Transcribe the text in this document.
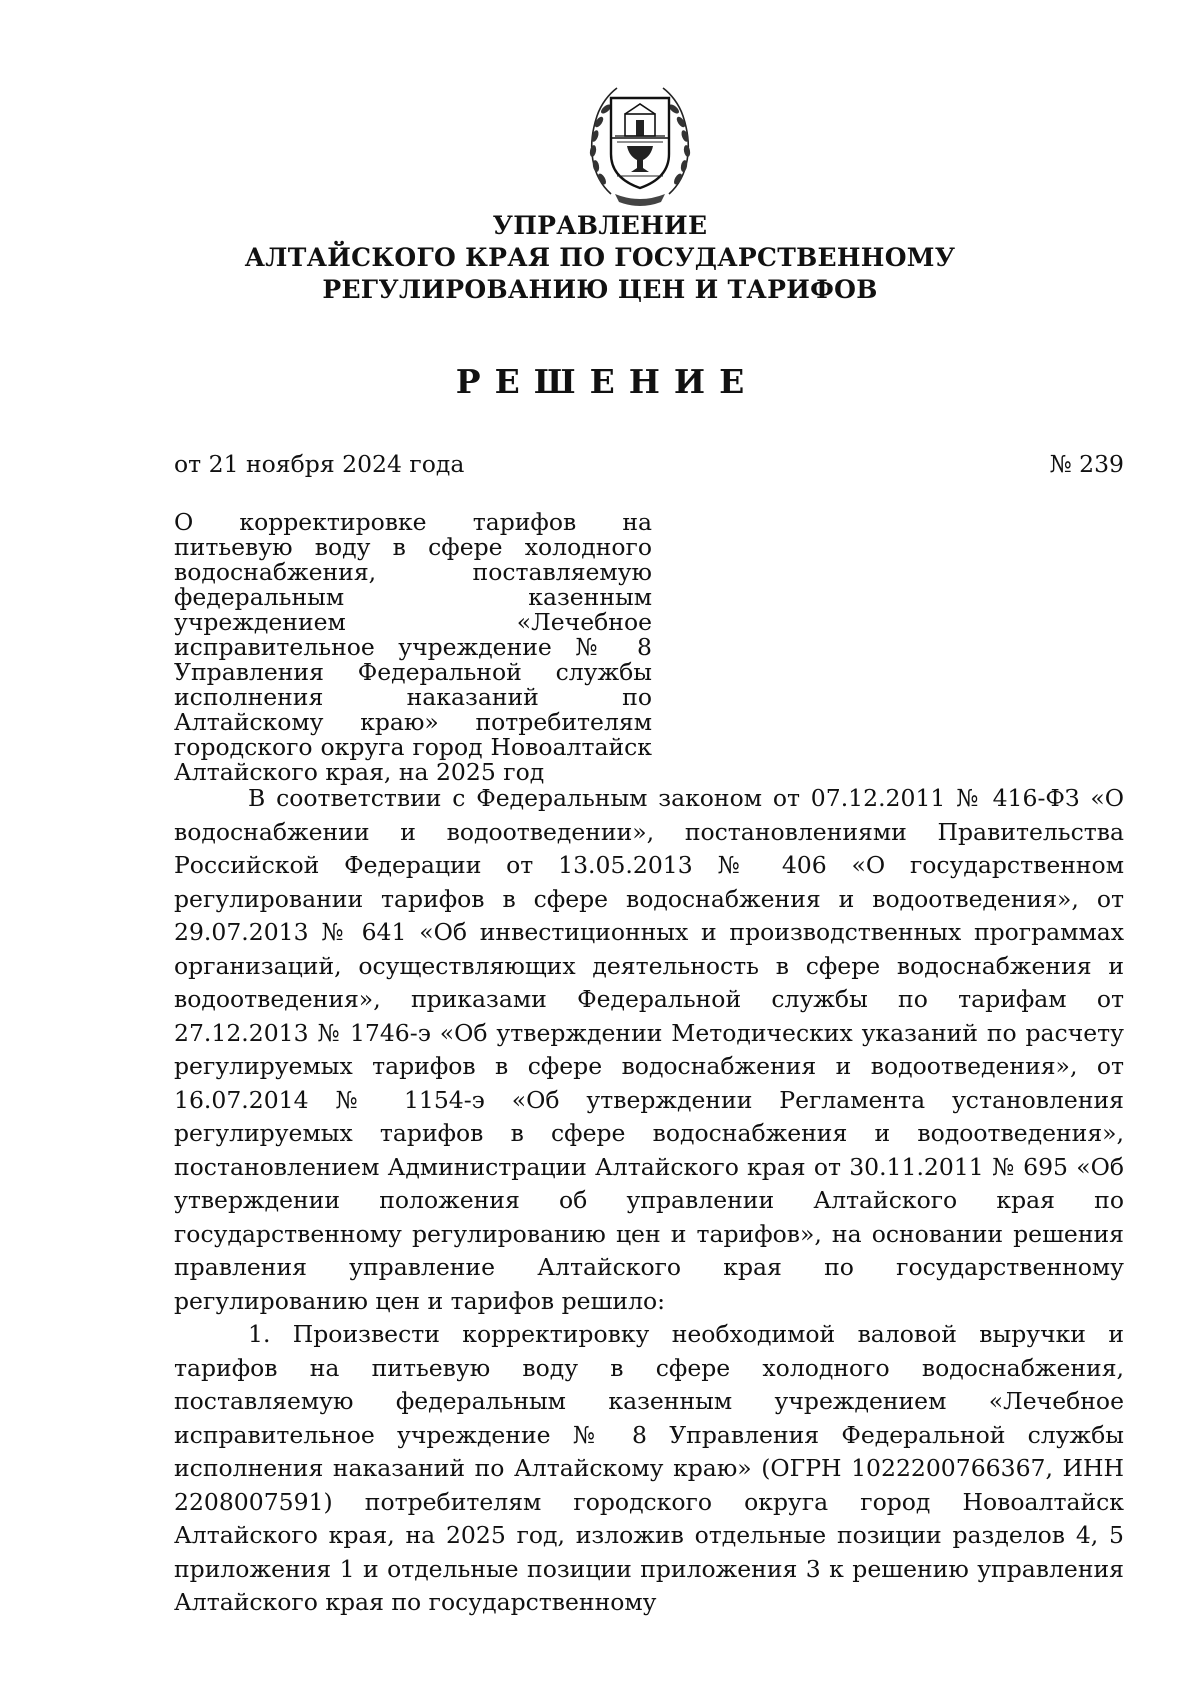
УПРАВЛЕНИЕ
АЛТАЙСКОГО КРАЯ ПО ГОСУДАРСТВЕННОМУ
РЕГУЛИРОВАНИЮ ЦЕН И ТАРИФОВ
РЕШЕНИЕ
от 21 ноября 2024 года	№ 239
О корректировке тарифов на питьевую воду в сфере холодного водоснабжения, поставляемую федеральным казенным учреждением «Лечебное исправительное учреждение № 8 Управления Федеральной службы исполнения наказаний по Алтайскому краю» потребителям городского округа город Новоалтайск Алтайского края, на 2025 год

В соответствии с Федеральным законом от 07.12.2011 № 416-ФЗ «О водоснабжении и водоотведении», постановлениями Правительства Российской Федерации от 13.05.2013 № 406 «О государственном регулировании тарифов в сфере водоснабжения и водоотведения», от 29.07.2013 № 641 «Об инвестиционных и производственных программах организаций, осуществляющих деятельность в сфере водоснабжения и водоотведения», приказами Федеральной службы по тарифам от 27.12.2013 № 1746-э «Об утверждении Методических указаний по расчету регулируемых тарифов в сфере водоснабжения и водоотведения», от 16.07.2014 № 1154-э «Об утверждении Регламента установления регулируемых тарифов в сфере водоснабжения и водоотведения», постановлением Администрации Алтайского края от 30.11.2011 № 695 «Об утверждении положения об управлении Алтайского края по государственному регулированию цен и тарифов», на основании решения правления управление Алтайского края по государственному регулированию цен и тарифов решило:

1. Произвести корректировку необходимой валовой выручки и тарифов на питьевую воду в сфере холодного водоснабжения, поставляемую федеральным казенным учреждением «Лечебное исправительное учреждение № 8 Управления Федеральной службы исполнения наказаний по Алтайскому краю» (ОГРН 1022200766367, ИНН 2208007591) потребителям городского округа город Новоалтайск Алтайского края, на 2025 год, изложив отдельные позиции разделов 4, 5 приложения 1 и отдельные позиции приложения 3 к решению управления Алтайского края по государственному
